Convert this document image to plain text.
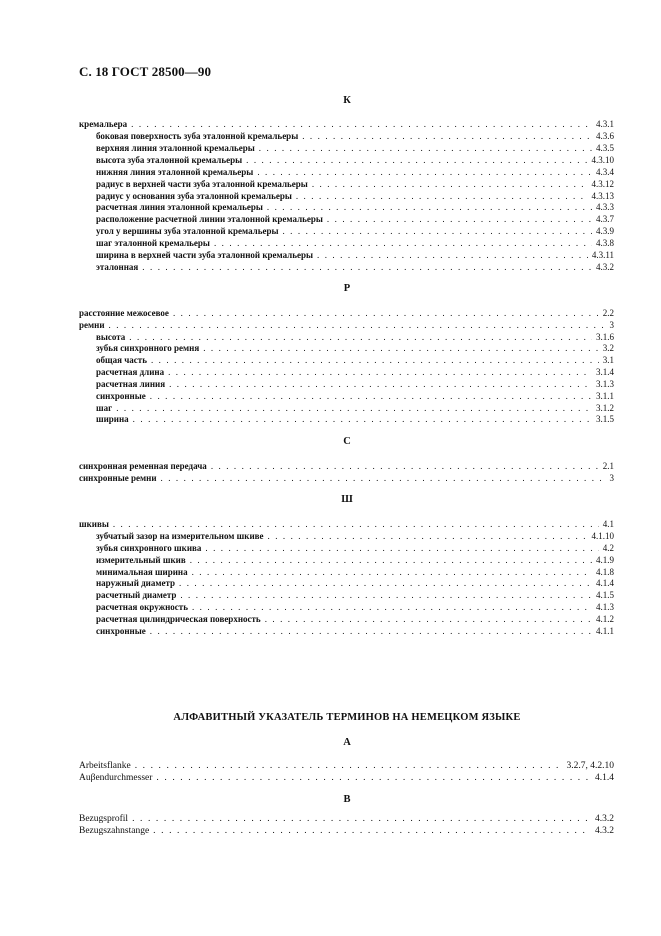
С. 18 ГОСТ 28500—90
К
кремальера . . .	4.3.1
боковая поверхность зуба эталонной кремальеры . . .	4.3.6
верхняя линия эталонной кремальеры . . .	4.3.5
высота зуба эталонной кремальеры . . .	4.3.10
нижняя линия эталонной кремальеры . . .	4.3.4
радиус в верхней части зуба эталонной кремальеры . . .	4.3.12
радиус у основания зуба эталонной кремальеры . . .	4.3.13
расчетная линия эталонной кремальеры . . .	4.3.3
расположение расчетной линии эталонной кремальеры . . .	4.3.7
угол у вершины зуба эталонной кремальеры . . .	4.3.9
шаг эталонной кремальеры . . .	4.3.8
ширина в верхней части зуба эталонной кремальеры . . .	4.3.11
эталонная . . .	4.3.2
Р
расстояние межосевое . . .	2.2
ремни . . .	3
высота . . .	3.1.6
зубья синхронного ремня . . .	3.2
общая часть . . .	3.1
расчетная длина . . .	3.1.4
расчетная линия . . .	3.1.3
синхронные . . .	3.1.1
шаг . . .	3.1.2
ширина . . .	3.1.5
С
синхронная ременная передача . . .	2.1
синхронные ремни . . .	3
Ш
шкивы . . .	4.1
зубчатый зазор на измерительном шкиве . . .	4.1.10
зубья синхронного шкива . . .	4.2
измерительный шкив . . .	4.1.9
минимальная ширина . . .	4.1.8
наружный диаметр . . .	4.1.4
расчетный диаметр . . .	4.1.5
расчетная окружность . . .	4.1.3
расчетная цилиндрическая поверхность . . .	4.1.2
синхронные . . .	4.1.1
АЛФАВИТНЫЙ УКАЗАТЕЛЬ ТЕРМИНОВ НА НЕМЕЦКОМ ЯЗЫКЕ
A
Arbeitsflanke . . .	3.2.7, 4.2.10
Auβendurchmesser . . .	4.1.4
B
Bezugsprofil . . .	4.3.2
Bezugszahnstange . . .	4.3.2
